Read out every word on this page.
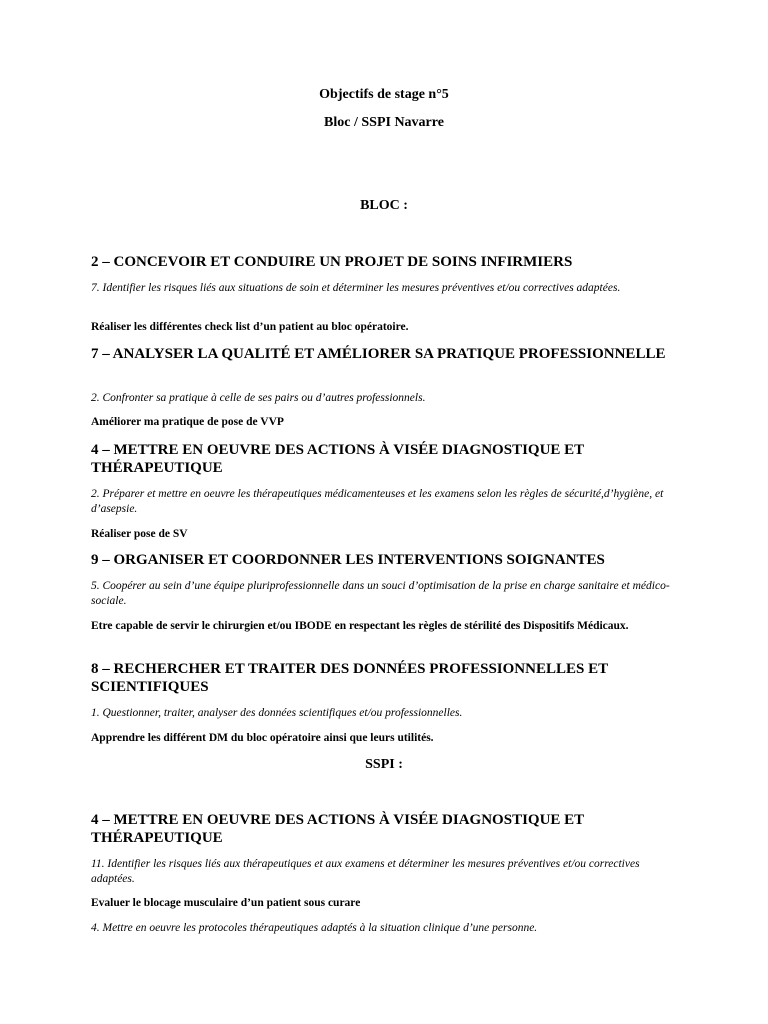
Objectifs de stage n°5
Bloc / SSPI Navarre
BLOC :
2 – CONCEVOIR ET CONDUIRE UN PROJET DE SOINS INFIRMIERS
7. Identifier les risques liés aux situations de soin et déterminer les mesures préventives et/ou correctives adaptées.
Réaliser les différentes check list d’un patient au bloc opératoire.
7 – ANALYSER LA QUALITÉ ET AMÉLIORER SA PRATIQUE PROFESSIONNELLE
2. Confronter sa pratique à celle de ses pairs ou d’autres professionnels.
Améliorer ma pratique de pose de VVP
4 – METTRE EN OEUVRE DES ACTIONS À VISÉE DIAGNOSTIQUE ET THÉRAPEUTIQUE
2. Préparer et mettre en oeuvre les thérapeutiques médicamenteuses et les examens selon les règles de sécurité,d’hygiène, et d’asepsie.
Réaliser pose de SV
9 – ORGANISER ET COORDONNER LES INTERVENTIONS SOIGNANTES
5. Coopérer au sein d’une équipe pluriprofessionnelle dans un souci d’optimisation de la prise en charge sanitaire et médico-sociale.
Etre capable de servir le chirurgien et/ou IBODE en respectant les règles de stérilité des Dispositifs Médicaux.
8 – RECHERCHER ET TRAITER DES DONNÉES PROFESSIONNELLES ET SCIENTIFIQUES
1. Questionner, traiter, analyser des données scientifiques et/ou professionnelles.
Apprendre les différent DM du bloc opératoire ainsi que leurs utilités.
SSPI :
4 – METTRE EN OEUVRE DES ACTIONS À VISÉE DIAGNOSTIQUE ET THÉRAPEUTIQUE
11. Identifier les risques liés aux thérapeutiques et aux examens et déterminer les mesures préventives et/ou correctives adaptées.
Evaluer le blocage musculaire d’un patient sous curare
4. Mettre en oeuvre les protocoles thérapeutiques adaptés à la situation clinique d’une personne.
